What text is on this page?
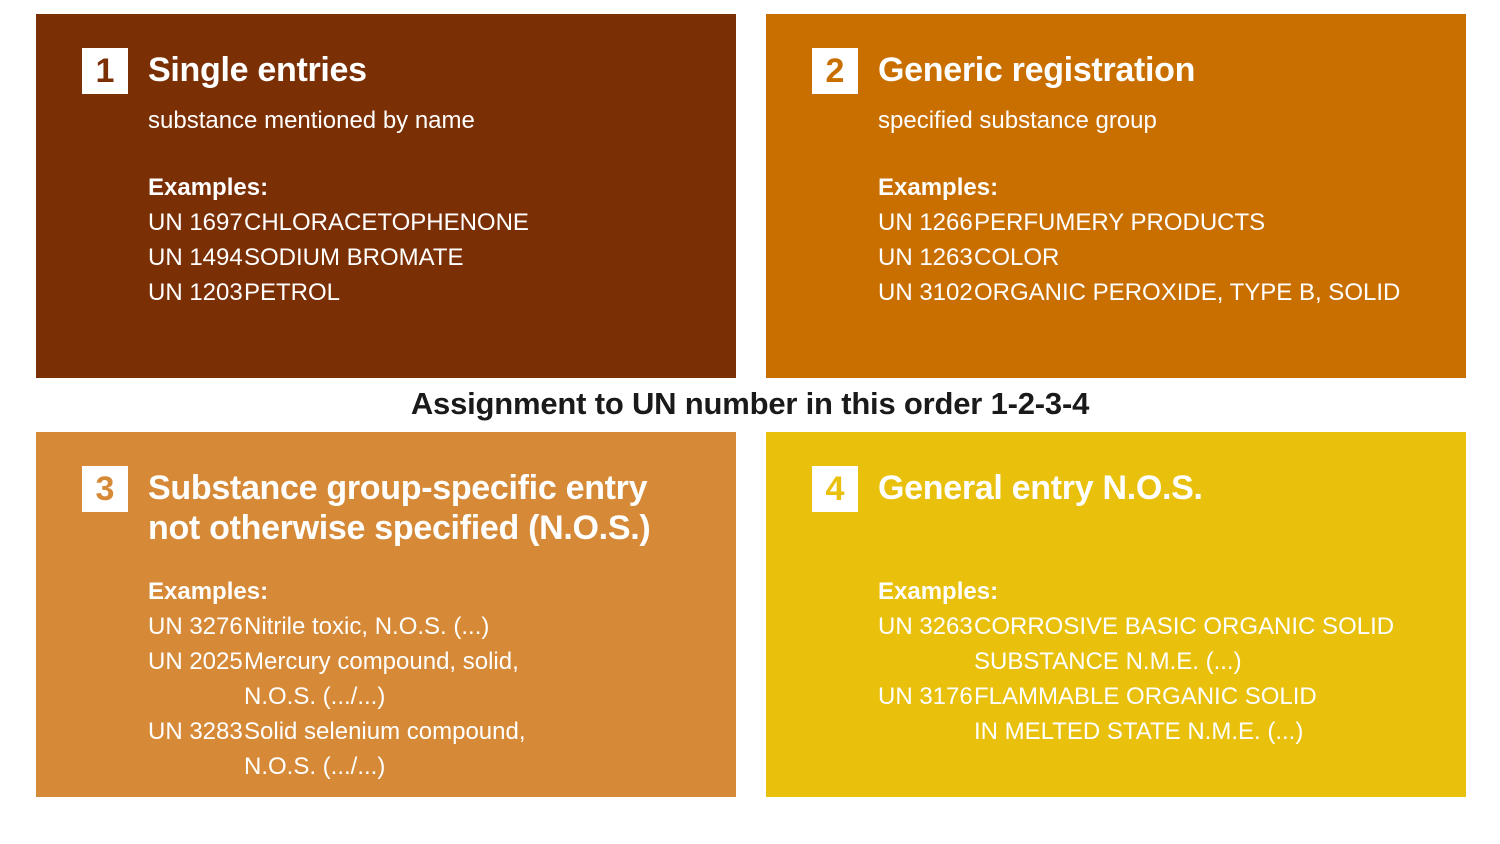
1 Single entries
substance mentioned by name
Examples:
UN 1697 CHLORACETOPHENONE
UN 1494 SODIUM BROMATE
UN 1203 PETROL
2 Generic registration
specified substance group
Examples:
UN 1266 PERFUMERY PRODUCTS
UN 1263 COLOR
UN 3102 ORGANIC PEROXIDE, TYPE B, SOLID
Assignment to UN number in this order 1-2-3-4
3 Substance group-specific entry
not otherwise specified (N.O.S.)
Examples:
UN 3276 Nitrile toxic, N.O.S. (...)
UN 2025 Mercury compound, solid,
N.O.S. (.../...)
UN 3283 Solid selenium compound,
N.O.S. (.../...)
4 General entry N.O.S.
Examples:
UN 3263 CORROSIVE BASIC ORGANIC SOLID
SUBSTANCE N.M.E. (...)
UN 3176 FLAMMABLE ORGANIC SOLID
IN MELTED STATE N.M.E. (...)
